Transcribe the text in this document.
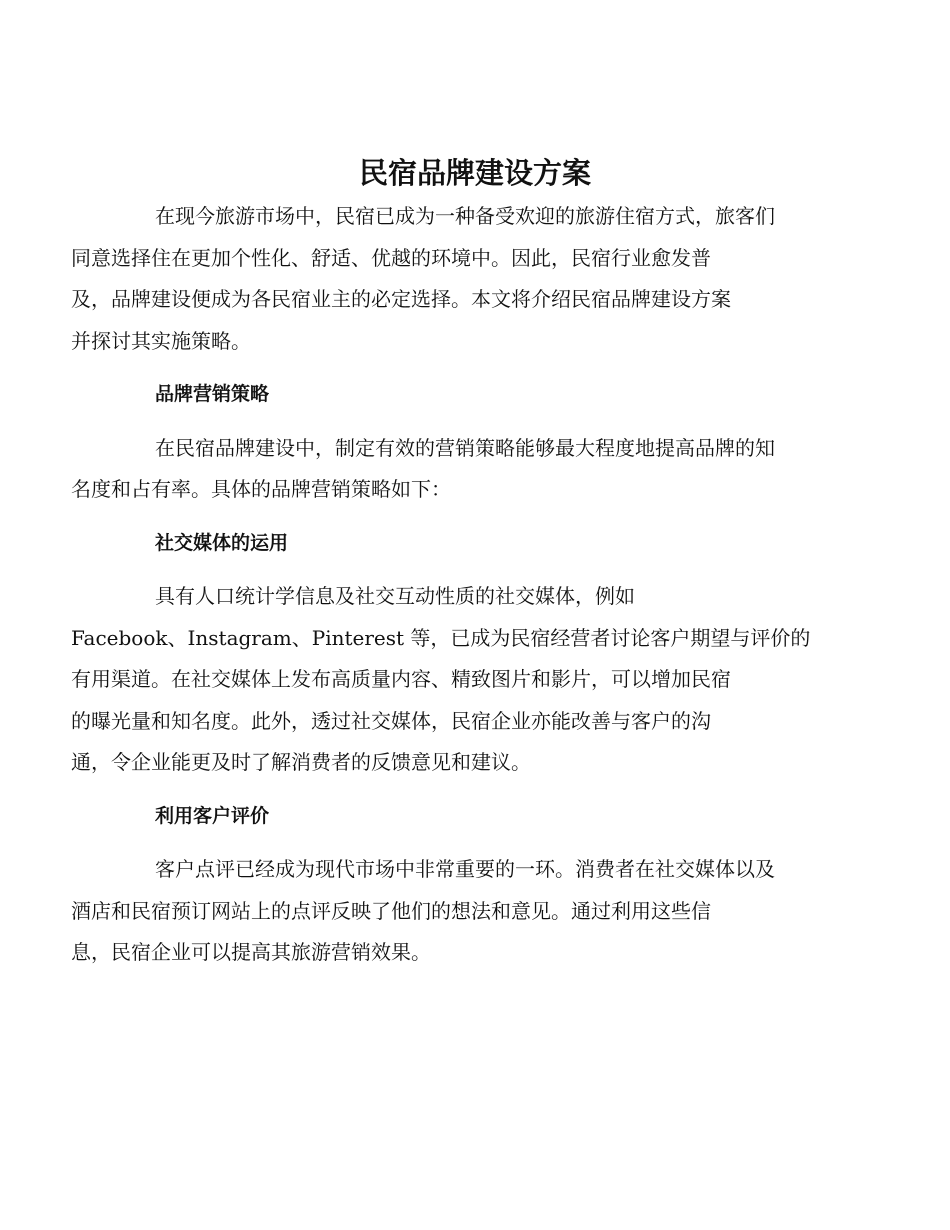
民宿品牌建设方案

在现今旅游市场中，民宿已成为一种备受欢迎的旅游住宿方式，旅客们
同意选择住在更加个性化、舒适、优越的环境中。因此，民宿行业愈发普
及，品牌建设便成为各民宿业主的必定选择。本文将介绍民宿品牌建设方案
并探讨其实施策略。

品牌营销策略

在民宿品牌建设中，制定有效的营销策略能够最大程度地提高品牌的知
名度和占有率。具体的品牌营销策略如下：

社交媒体的运用

具有人口统计学信息及社交互动性质的社交媒体，例如
Facebook、Instagram、Pinterest 等，已成为民宿经营者讨论客户期望与评价的
有用渠道。在社交媒体上发布高质量内容、精致图片和影片，可以增加民宿
的曝光量和知名度。此外，透过社交媒体，民宿企业亦能改善与客户的沟
通，令企业能更及时了解消费者的反馈意见和建议。

利用客户评价

客户点评已经成为现代市场中非常重要的一环。消费者在社交媒体以及
酒店和民宿预订网站上的点评反映了他们的想法和意见。通过利用这些信
息，民宿企业可以提高其旅游营销效果。
